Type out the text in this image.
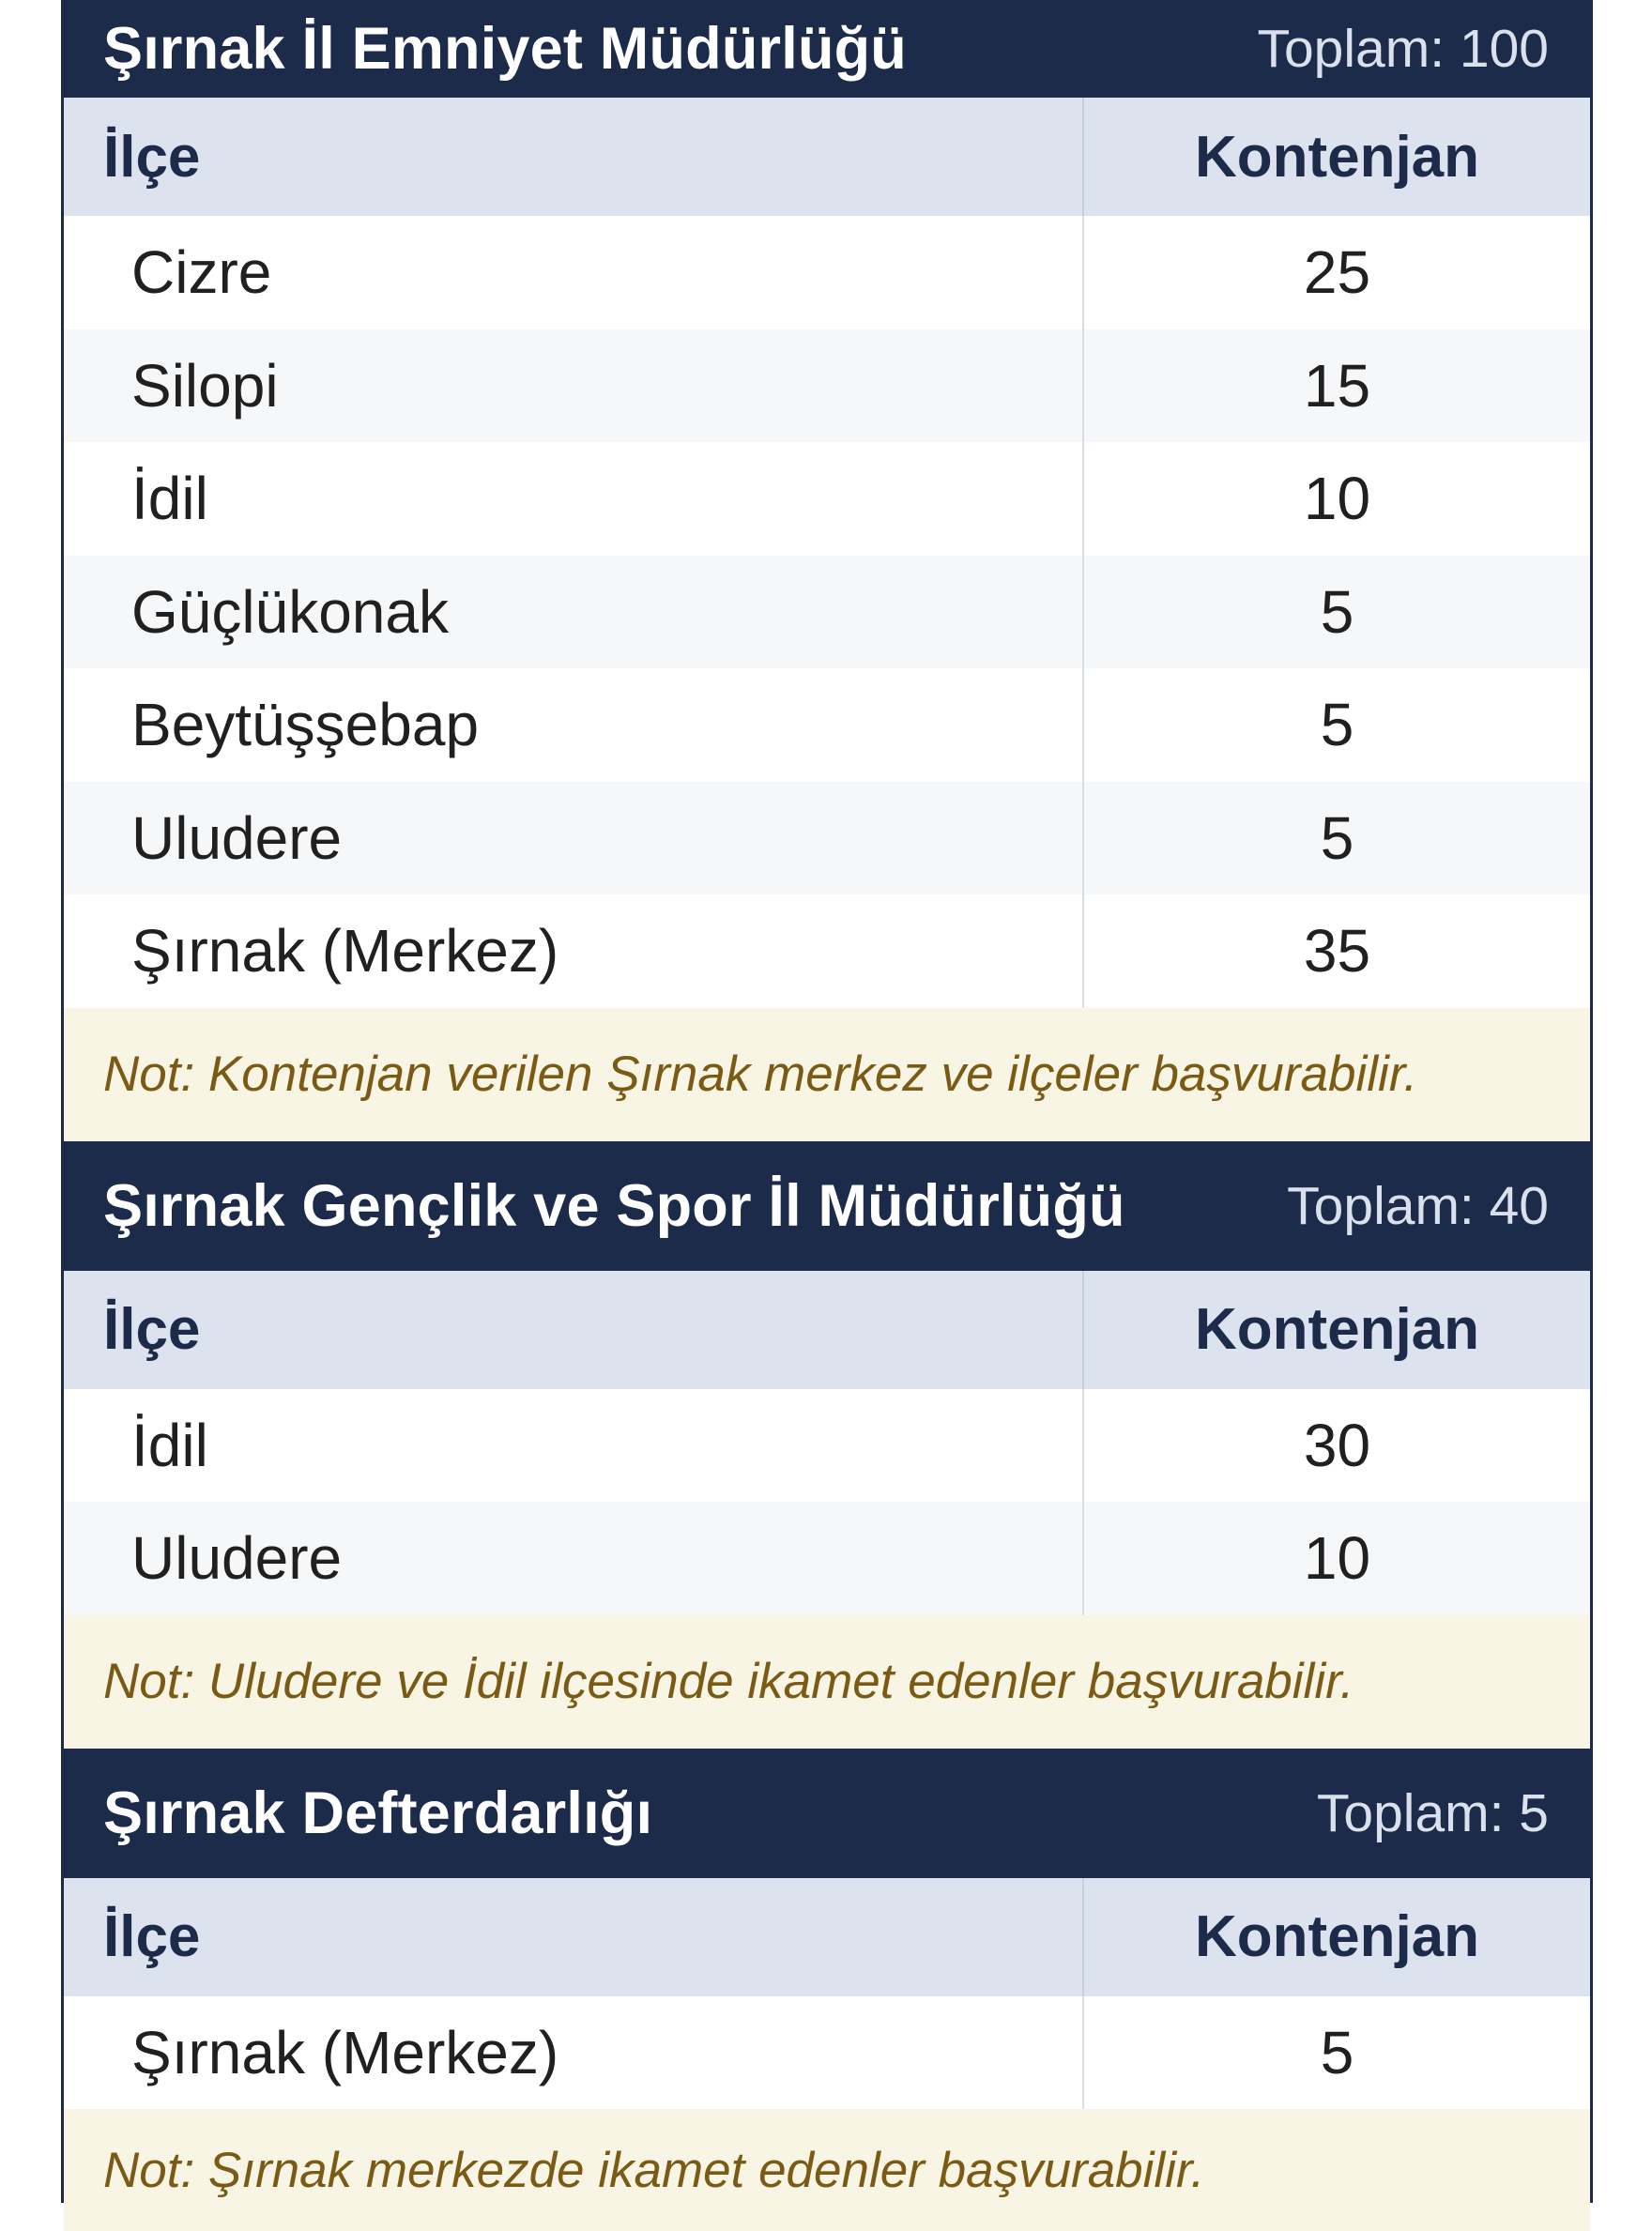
Şırnak İl Emniyet Müdürlüğü	Toplam: 100
İlçe	Kontenjan
Cizre	25
Silopi	15
İdil	10
Güçlükonak	5
Beytüşşebap	5
Uludere	5
Şırnak (Merkez)	35
Not: Kontenjan verilen Şırnak merkez ve ilçeler başvurabilir.
Şırnak Gençlik ve Spor İl Müdürlüğü	Toplam: 40
İlçe	Kontenjan
İdil	30
Uludere	10
Not: Uludere ve İdil ilçesinde ikamet edenler başvurabilir.
Şırnak Defterdarlığı	Toplam: 5
İlçe	Kontenjan
Şırnak (Merkez)	5
Not: Şırnak merkezde ikamet edenler başvurabilir.
